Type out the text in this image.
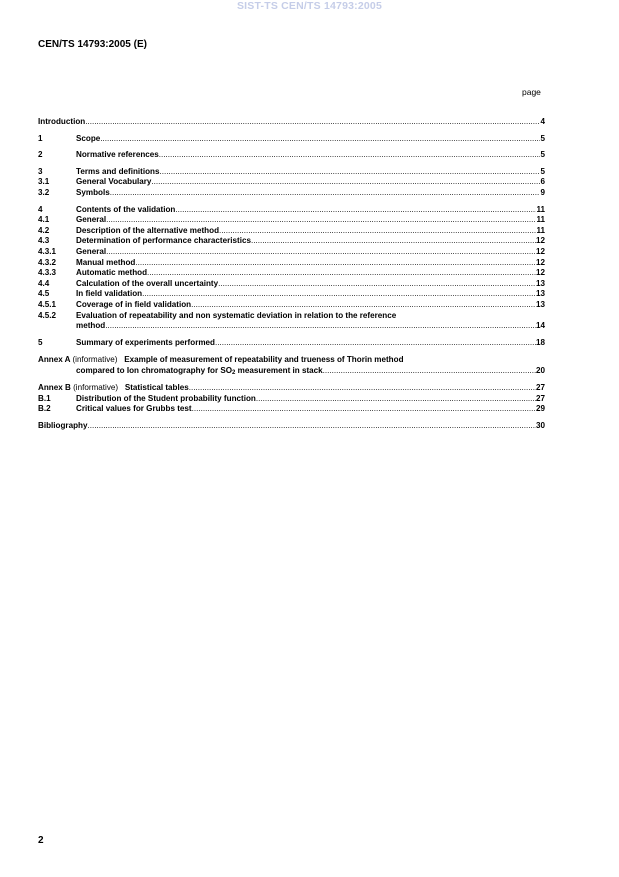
SIST-TS CEN/TS 14793:2005
CEN/TS 14793:2005 (E)
page
Introduction .....	4
1	Scope .....	5
2	Normative references .....	5
3	Terms and definitions .....	5
3.1	General Vocabulary .....	6
3.2	Symbols .....	9
4	Contents of the validation .....	11
4.1	General .....	11
4.2	Description of the alternative method .....	11
4.3	Determination of performance characteristics .....	12
4.3.1 General .....	12
4.3.2 Manual method .....	12
4.3.3 Automatic method .....	12
4.4	Calculation of the overall uncertainty .....	13
4.5	In field validation .....	13
4.5.1 Coverage of in field validation .....	13
4.5.2 Evaluation of repeatability and non systematic deviation in relation to the reference
method .....	14
5	Summary of experiments performed .....	18
Annex A (informative) Example of measurement of repeatability and trueness of Thorin method
compared to Ion chromatography for $SO_2$ measurement in stack .....	20
Annex B
(informative)
Statistical tables .....	27
B.1	Distribution of the Student probability function .....	27
B.2	Critical values for Grubbs test .....	29
Bibliography .....	30
2
